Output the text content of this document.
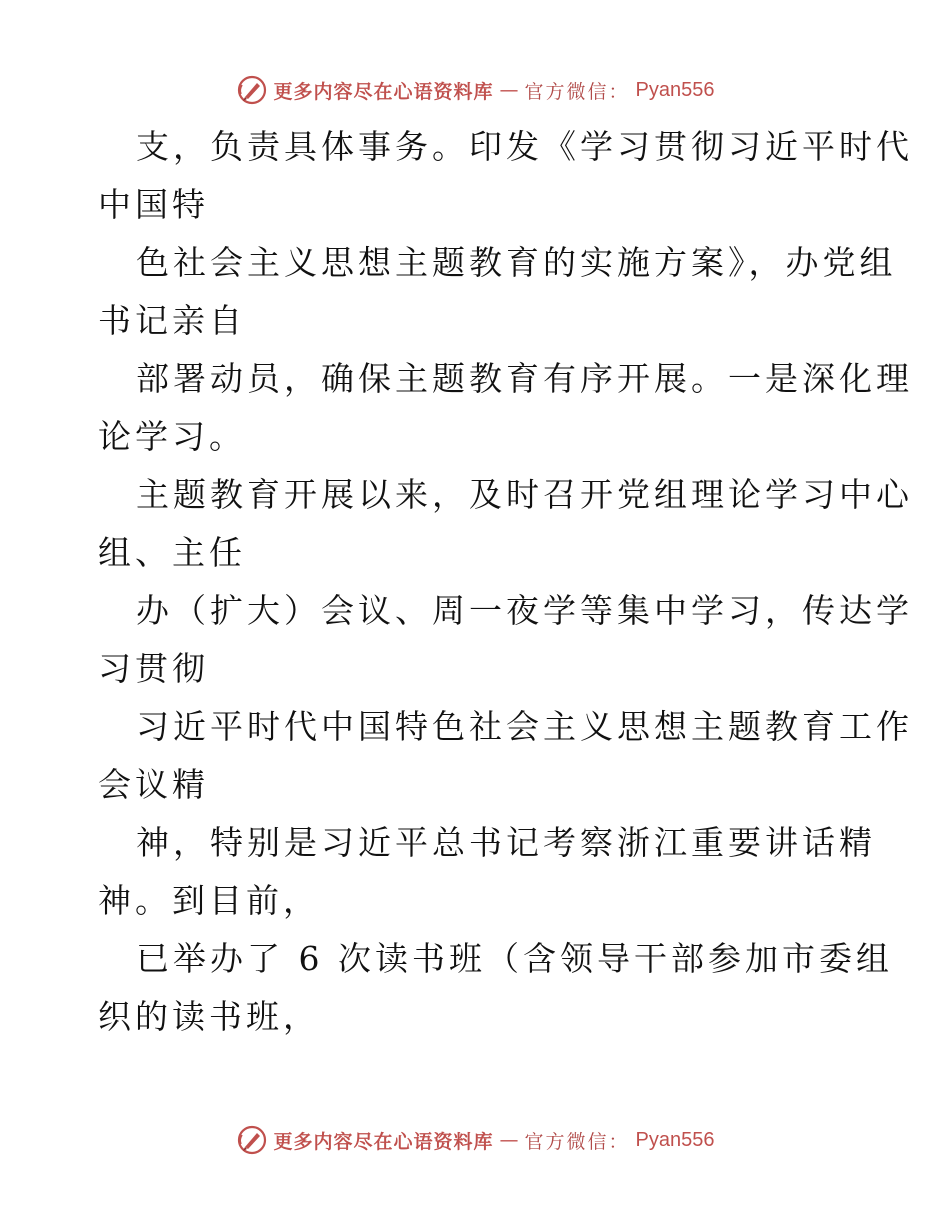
更多内容尽在心语资料库 — 官方微信： Pyan556
支，负责具体事务。印发《学习贯彻习近平时代
中国特
色社会主义思想主题教育的实施方案》，办党组
书记亲自
部署动员，确保主题教育有序开展。一是深化理
论学习。
主题教育开展以来，及时召开党组理论学习中心
组、主任
办（扩大）会议、周一夜学等集中学习，传达学
习贯彻
习近平时代中国特色社会主义思想主题教育工作
会议精
神，特别是习近平总书记考察浙江重要讲话精
神。到目前，
已举办了 6 次读书班（含领导干部参加市委组
织的读书班，
更多内容尽在心语资料库 — 官方微信： Pyan556
